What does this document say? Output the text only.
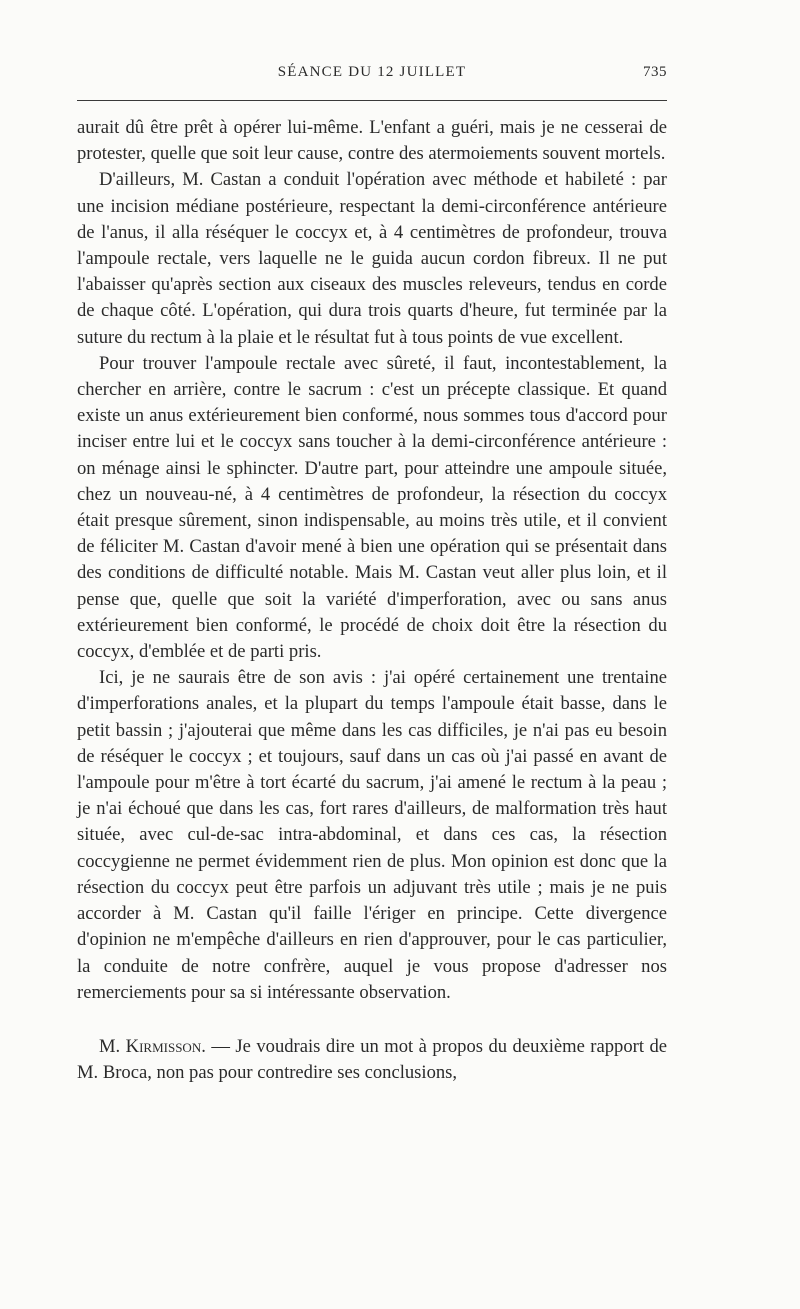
SÉANCE DU 12 JUILLET	735

aurait dû être prêt à opérer lui-même. L'enfant a guéri, mais je ne cesserai de protester, quelle que soit leur cause, contre des atermoiements souvent mortels.

D'ailleurs, M. Castan a conduit l'opération avec méthode et habileté : par une incision médiane postérieure, respectant la demi-circonférence antérieure de l'anus, il alla réséquer le coccyx et, à 4 centimètres de profondeur, trouva l'ampoule rectale, vers laquelle ne le guida aucun cordon fibreux. Il ne put l'abaisser qu'après section aux ciseaux des muscles releveurs, tendus en corde de chaque côté. L'opération, qui dura trois quarts d'heure, fut terminée par la suture du rectum à la plaie et le résultat fut à tous points de vue excellent.

Pour trouver l'ampoule rectale avec sûreté, il faut, incontestablement, la chercher en arrière, contre le sacrum : c'est un précepte classique. Et quand existe un anus extérieurement bien conformé, nous sommes tous d'accord pour inciser entre lui et le coccyx sans toucher à la demi-circonférence antérieure : on ménage ainsi le sphincter. D'autre part, pour atteindre une ampoule située, chez un nouveau-né, à 4 centimètres de profondeur, la résection du coccyx était presque sûrement, sinon indispensable, au moins très utile, et il convient de féliciter M. Castan d'avoir mené à bien une opération qui se présentait dans des conditions de difficulté notable. Mais M. Castan veut aller plus loin, et il pense que, quelle que soit la variété d'imperforation, avec ou sans anus extérieurement bien conformé, le procédé de choix doit être la résection du coccyx, d'emblée et de parti pris.

Ici, je ne saurais être de son avis : j'ai opéré certainement une trentaine d'imperforations anales, et la plupart du temps l'ampoule était basse, dans le petit bassin ; j'ajouterai que même dans les cas difficiles, je n'ai pas eu besoin de réséquer le coccyx ; et toujours, sauf dans un cas où j'ai passé en avant de l'ampoule pour m'être à tort écarté du sacrum, j'ai amené le rectum à la peau ; je n'ai échoué que dans les cas, fort rares d'ailleurs, de malformation très haut située, avec cul-de-sac intra-abdominal, et dans ces cas, la résection coccygienne ne permet évidemment rien de plus. Mon opinion est donc que la résection du coccyx peut être parfois un adjuvant très utile ; mais je ne puis accorder à M. Castan qu'il faille l'ériger en principe. Cette divergence d'opinion ne m'empêche d'ailleurs en rien d'approuver, pour le cas particulier, la conduite de notre confrère, auquel je vous propose d'adresser nos remerciements pour sa si intéressante observation.

M. Kirmisson. — Je voudrais dire un mot à propos du deuxième rapport de M. Broca, non pas pour contredire ses conclusions,
